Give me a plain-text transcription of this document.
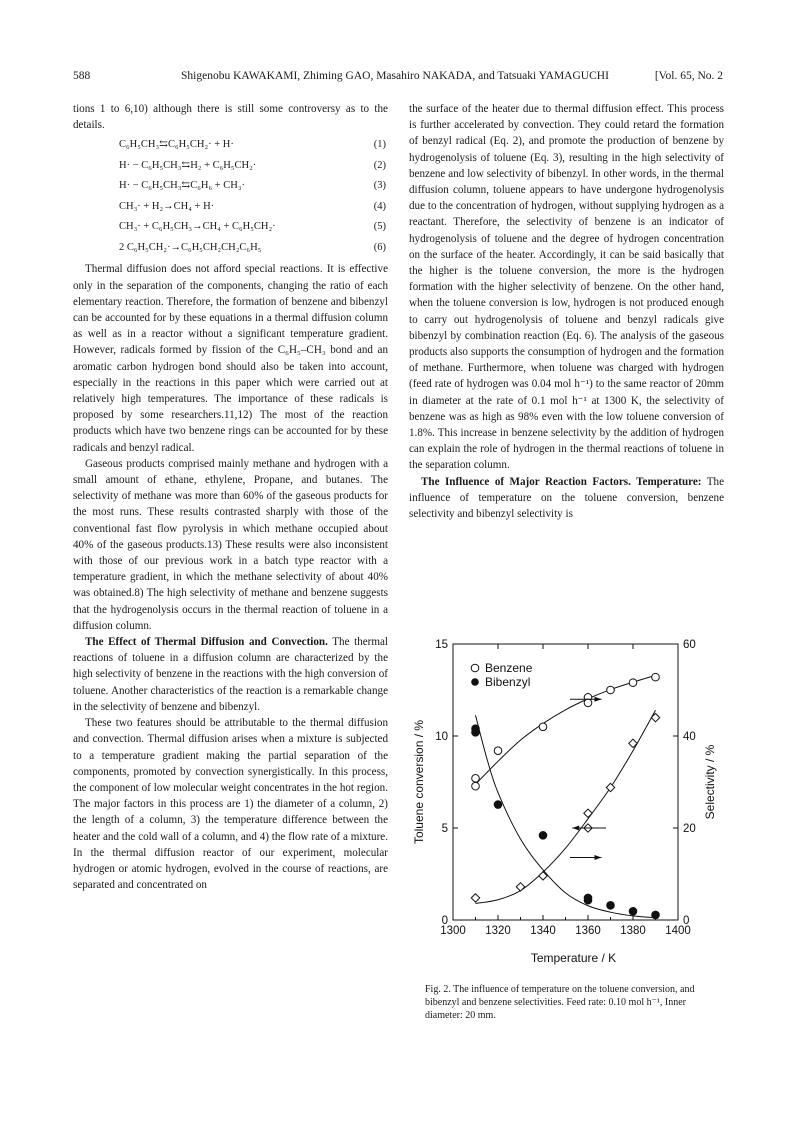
588	Shigenobu KAWAKAMI, Zhiming GAO, Masahiro NAKADA, and Tatsuaki YAMAGUCHI	[Vol. 65, No. 2

tions 1 to 6,10) although there is still some controversy as to the details.

C₆H₅CH₃⇆C₆H₅CH₂· + H·	(1)
H· − C₆H₅CH₃⇆H₂ + C₆H₅CH₂·	(2)
H· − C₆H₅CH₃⇆C₆H₆ + CH₃·	(3)
CH₃· + H₂→CH₄ + H·	(4)
CH₃· + C₆H₅CH₃→CH₄ + C₆H₅CH₂·	(5)
2 C₆H₅CH₂·→C₆H₅CH₂CH₂C₆H₅	(6)

Thermal diffusion does not afford special reactions. It is effective only in the separation of the components, changing the ratio of each elementary reaction. Therefore, the formation of benzene and bibenzyl can be accounted for by these equations in a thermal diffusion column as well as in a reactor without a significant temperature gradient. However, radicals formed by fission of the C₆H₅–CH₃ bond and an aromatic carbon hydrogen bond should also be taken into account, especially in the reactions in this paper which were carried out at relatively high temperatures. The importance of these radicals is proposed by some researchers.11,12) The most of the reaction products which have two benzene rings can be accounted for by these radicals and benzyl radical.

Gaseous products comprised mainly methane and hydrogen with a small amount of ethane, ethylene, Propane, and butanes. The selectivity of methane was more than 60% of the gaseous products for the most runs. These results contrasted sharply with those of the conventional fast flow pyrolysis in which methane occupied about 40% of the gaseous products.13) These results were also inconsistent with those of our previous work in a batch type reactor with a temperature gradient, in which the methane selectivity of about 40% was obtained.8) The high selectivity of methane and benzene suggests that the hydrogenolysis occurs in the thermal reaction of toluene in a diffusion column.

The Effect of Thermal Diffusion and Convection. The thermal reactions of toluene in a diffusion column are characterized by the high selectivity of benzene in the reactions with the high conversion of toluene. Another characteristics of the reaction is a remarkable change in the selectivity of benzene and bibenzyl.

These two features should be attributable to the thermal diffusion and convection. Thermal diffusion arises when a mixture is subjected to a temperature gradient making the partial separation of the components, promoted by convection synergistically. In this process, the component of low molecular weight concentrates in the hot region. The major factors in this process are 1) the diameter of a column, 2) the length of a column, 3) the temperature difference between the heater and the cold wall of a column, and 4) the flow rate of a mixture. In the thermal diffusion reactor of our experiment, molecular hydrogen or atomic hydrogen, evolved in the course of reactions, are separated and concentrated on

the surface of the heater due to thermal diffusion effect. This process is further accelerated by convection. They could retard the formation of benzyl radical (Eq. 2), and promote the production of benzene by hydrogenolysis of toluene (Eq. 3), resulting in the high selectivity of benzene and low selectivity of bibenzyl. In other words, in the thermal diffusion column, toluene appears to have undergone hydrogenolysis due to the concentration of hydrogen, without supplying hydrogen as a reactant. Therefore, the selectivity of benzene is an indicator of hydrogenolysis of toluene and the degree of hydrogen concentration on the surface of the heater. Accordingly, it can be said basically that the higher is the toluene conversion, the more is the hydrogen formation with the higher selectivity of benzene. On the other hand, when the toluene conversion is low, hydrogen is not produced enough to carry out hydrogenolysis of toluene and benzyl radicals give bibenzyl by combination reaction (Eq. 6). The analysis of the gaseous products also supports the consumption of hydrogen and the formation of methane. Furthermore, when toluene was charged with hydrogen (feed rate of hydrogen was 0.04 mol h⁻¹) to the same reactor of 20mm in diameter at the rate of 0.1 mol h⁻¹ at 1300 K, the selectivity of benzene was as high as 98% even with the low toluene conversion of 1.8%. This increase in benzene selectivity by the addition of hydrogen can explain the role of hydrogen in the thermal reactions of toluene in the separation column.

The Influence of Major Reaction Factors. Temperature: The influence of temperature on the toluene conversion, benzene selectivity and bibenzyl selectivity is

1300 1320 1340 1360 1380 1400
0
5
10
15
0
20
40
60
Temperature / K
Toluene conversion / %	Selectivity / %
Benzene
Bibenzyl
Fig. 2. The influence of temperature on the toluene conversion, and bibenzyl and benzene selectivities. Feed rate: 0.10 mol h⁻¹, Inner diameter: 20 mm.
